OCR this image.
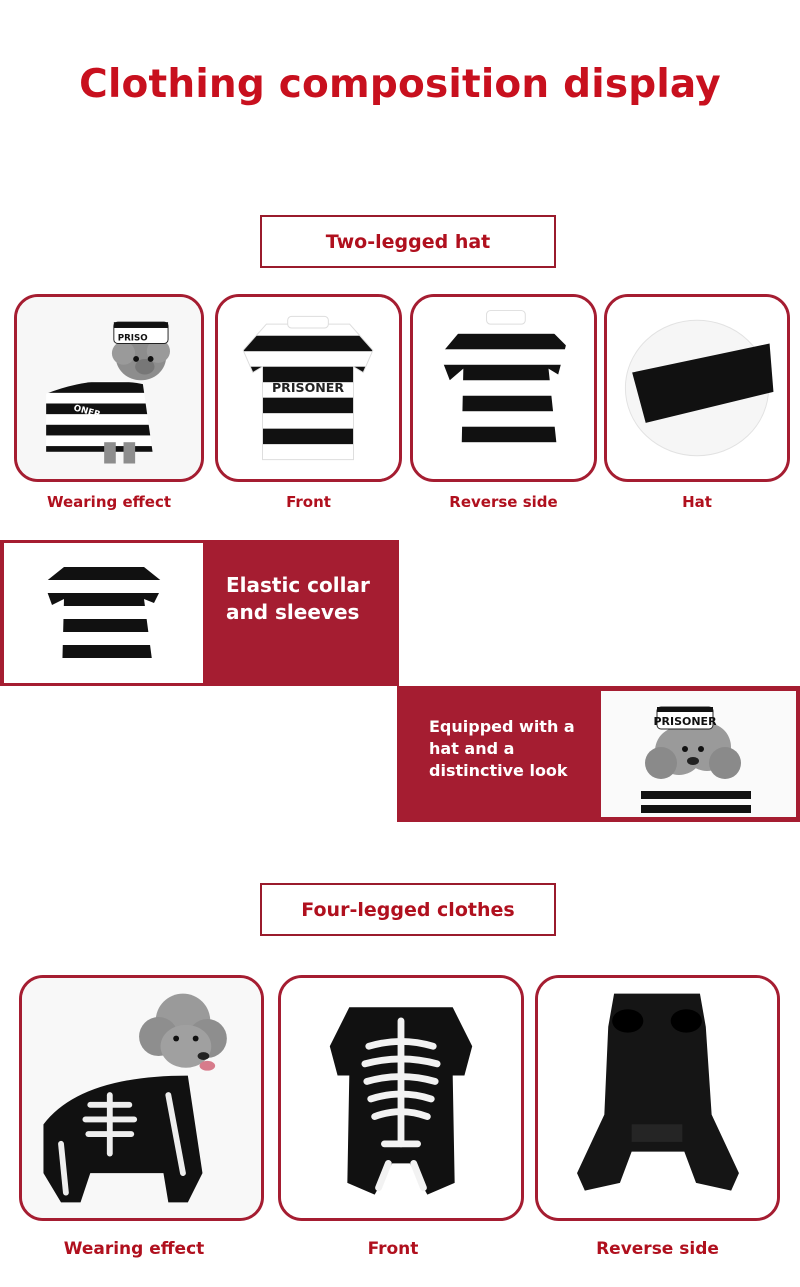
Clothing composition display
Two-legged hat
PRISO
ONER
Wearing effect
PRISONER
Front	Reverse side	Hat
Elastic collar and sleeves
PRISONER
Equipped with a hat and a distinctive look
Four-legged clothes
Wearing effect	Front	Reverse side
